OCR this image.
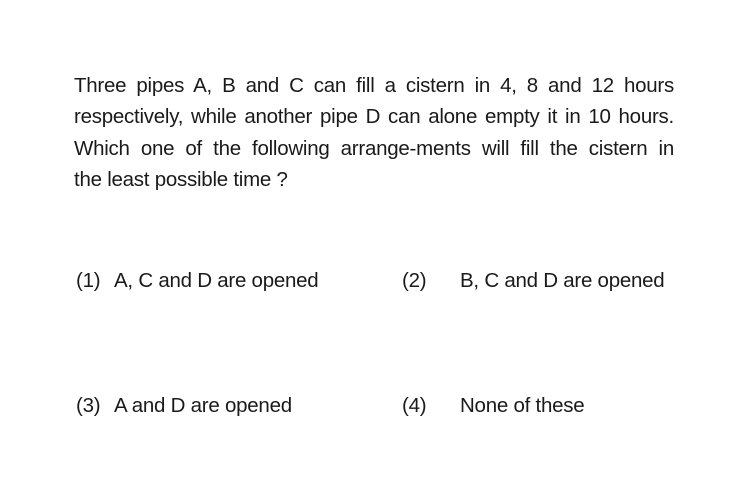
Three pipes A, B and C can fill a cistern in 4, 8 and 12 hours
respectively, while another pipe D can alone empty it in 10 hours.
Which one of the following arrange-ments will fill the cistern in
the least possible time ?
(1) A, C and D are opened	(2) B, C and D are opened
(3) A and D are opened	(4) None of these
